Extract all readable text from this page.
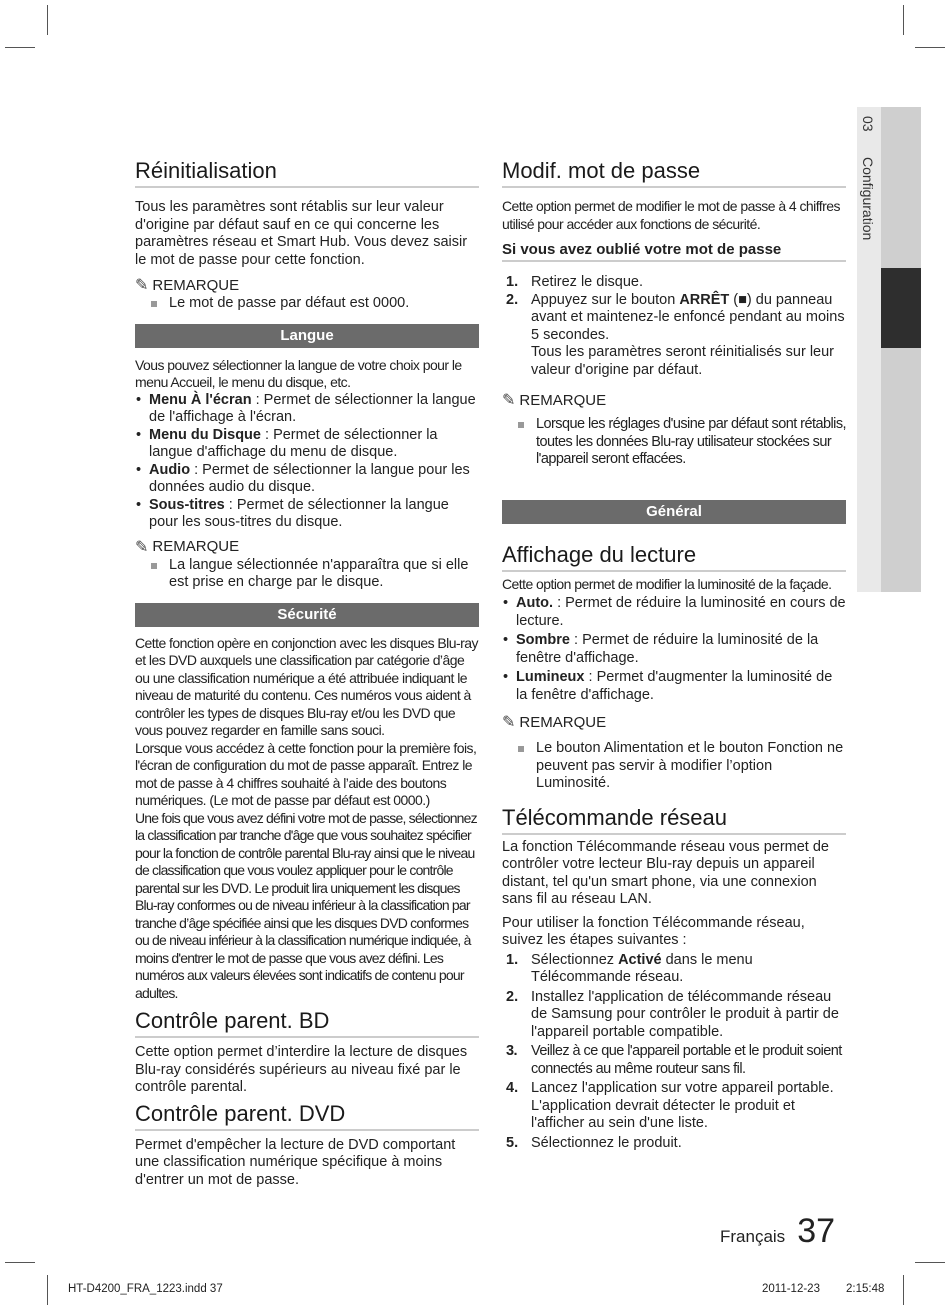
03  Configuration
Réinitialisation

Tous les paramètres sont rétablis sur leur valeur d'origine par défaut sauf en ce qui concerne les paramètres réseau et Smart Hub. Vous devez saisir le mot de passe pour cette fonction.

✎ REMARQUE
Le mot de passe par défaut est 0000.
Langue

Vous pouvez sélectionner la langue de votre choix pour le menu Accueil, le menu du disque, etc.

• Menu À l'écran : Permet de sélectionner la langue de l'affichage à l'écran.
• Menu du Disque : Permet de sélectionner la langue d'affichage du menu de disque.
• Audio : Permet de sélectionner la langue pour les données audio du disque.
• Sous-titres : Permet de sélectionner la langue pour les sous-titres du disque.
✎ REMARQUE
La langue sélectionnée n'apparaîtra que si elle est prise en charge par le disque.
Sécurité

Cette fonction opère en conjonction avec les disques Blu-ray et les DVD auxquels une classification par catégorie d’âge ou une classification numérique a été attribuée indiquant le niveau de maturité du contenu. Ces numéros vous aident à contrôler les types de disques Blu-ray et/ou les DVD que vous pouvez regarder en famille sans souci.

Lorsque vous accédez à cette fonction pour la première fois, l'écran de configuration du mot de passe apparaît. Entrez le mot de passe à 4 chiffres souhaité à l’aide des boutons numériques. (Le mot de passe par défaut est 0000.)

Une fois que vous avez défini votre mot de passe, sélectionnez la classification par tranche d'âge que vous souhaitez spécifier pour la fonction de contrôle parental Blu-ray ainsi que le niveau de classification que vous voulez appliquer pour le contrôle parental sur les DVD. Le produit lira uniquement les disques Blu-ray conformes ou de niveau inférieur à la classification par tranche d’âge spécifiée ainsi que les disques DVD conformes ou de niveau inférieur à la classification numérique indiquée, à moins d'entrer le mot de passe que vous avez défini. Les numéros aux valeurs élevées sont indicatifs de contenu pour adultes.

Contrôle parent. BD

Cette option permet d’interdire la lecture de disques Blu-ray considérés supérieurs au niveau fixé par le contrôle parental.

Contrôle parent. DVD

Permet d'empêcher la lecture de DVD comportant une classification numérique spécifique à moins d'entrer un mot de passe.

Modif. mot de passe

Cette option permet de modifier le mot de passe à 4 chiffres utilisé pour accéder aux fonctions de sécurité.

Si vous avez oublié votre mot de passe
1. Retirez le disque.
2. Appuyez sur le bouton ARRÊT (■) du panneau avant et maintenez-le enfoncé pendant au moins 5 secondes.
Tous les paramètres seront réinitialisés sur leur valeur d'origine par défaut.
✎ REMARQUE
Lorsque les réglages d'usine par défaut sont rétablis, toutes les données Blu-ray utilisateur stockées sur l'appareil seront effacées.
Général
Affichage du lecture

Cette option permet de modifier la luminosité de la façade.

• Auto. : Permet de réduire la luminosité en cours de lecture.
• Sombre : Permet de réduire la luminosité de la fenêtre d'affichage.
• Lumineux : Permet d'augmenter la luminosité de la fenêtre d'affichage.
✎ REMARQUE
Le bouton Alimentation et le bouton Fonction ne peuvent pas servir à modifier l’option Luminosité.
Télécommande réseau

La fonction Télécommande réseau vous permet de contrôler votre lecteur Blu-ray depuis un appareil distant, tel qu'un smart phone, via une connexion sans fil au réseau LAN.

Pour utiliser la fonction Télécommande réseau, suivez les étapes suivantes :

1. Sélectionnez Activé dans le menu Télécommande réseau.
2. Installez l'application de télécommande réseau de Samsung pour contrôler le produit à partir de l'appareil portable compatible.
3. Veillez à ce que l'appareil portable et le produit soient connectés au même routeur sans fil.
4. Lancez l'application sur votre appareil portable. L'application devrait détecter le produit et l'afficher au sein d'une liste.
5. Sélectionnez le produit.
Français 37
HT-D4200_FRA_1223.indd 37	2011-12-23 2:15:48
